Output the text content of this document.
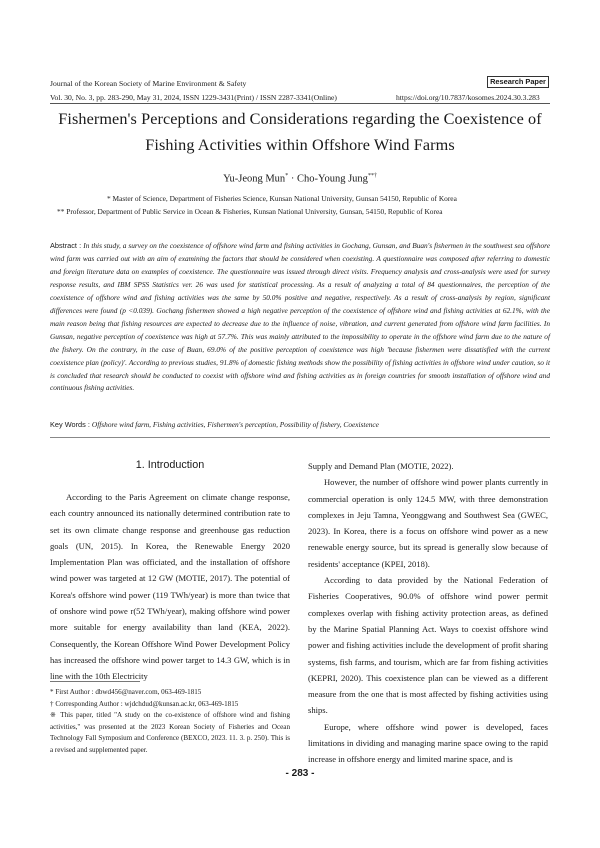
Journal of the Korean Society of Marine Environment & Safety	Research Paper
Vol. 30, No. 3, pp. 283-290, May 31, 2024, ISSN 1229-3431(Print) / ISSN 2287-3341(Online)	https://doi.org/10.7837/kosomes.2024.30.3.283
Fishermen's Perceptions and Considerations regarding the Coexistence of
Fishing Activities within Offshore Wind Farms
Yu-Jeong Mun* · Cho-Young Jung**†
* Master of Science, Department of Fisheries Science, Kunsan National University, Gunsan 54150, Republic of Korea
** Professor, Department of Public Service in Ocean & Fisheries, Kunsan National University, Gunsan, 54150, Republic of Korea
Abstract : In this study, a survey on the coexistence of offshore wind farm and fishing activities in Gochang, Gunsan, and Buan's fishermen in the southwest sea offshore wind farm was carried out with an aim of examining the factors that should be considered when coexisting. A questionnaire was composed after referring to domestic and foreign literature data on examples of coexistence. The questionnaire was issued through direct visits. Frequency analysis and cross-analysis were used for survey response results, and IBM SPSS Statistics ver. 26 was used for statistical processing. As a result of analyzing a total of 84 questionnaires, the perception of the coexistence of offshore wind and fishing activities was the same by 50.0% positive and negative, respectively. As a result of cross-analysis by region, significant differences were found (p <0.039). Gochang fishermen showed a high negative perception of the coexistence of offshore wind and fishing activities at 62.1%, with the main reason being that fishing resources are expected to decrease due to the influence of noise, vibration, and current generated from offshore wind farm facilities. In Gunsan, negative perception of coexistence was high at 57.7%. This was mainly attributed to the impossibility to operate in the offshore wind farm due to the nature of the fishery. On the contrary, in the case of Buan, 69.0% of the positive perception of coexistence was high 'because fishermen were dissatisfied with the current coexistence plan (policy)'. According to previous studies, 91.8% of domestic fishing methods show the possibility of fishing activities in offshore wind under caution, so it is concluded that research should be conducted to coexist with offshore wind and fishing activities as in foreign countries for smooth installation of offshore wind and continuous fishing activities.
Key Words : Offshore wind farm, Fishing activities, Fishermen's perception, Possibility of fishery, Coexistence
1. Introduction

According to the Paris Agreement on climate change response, each country announced its nationally determined contribution rate to set its own climate change response and greenhouse gas reduction goals (UN, 2015). In Korea, the Renewable Energy 2020 Implementation Plan was officiated, and the installation of offshore wind power was targeted at 12 GW (MOTIE, 2017). The potential of Korea's offshore wind power (119 TWh/year) is more than twice that of onshore wind powe r(52 TWh/year), making offshore wind power more suitable for energy availability than land (KEA, 2022). Consequently, the Korean Offshore Wind Power Development Policy has increased the offshore wind power target to 14.3 GW, which is in line with the 10th Electricity

Supply and Demand Plan (MOTIE, 2022).

However, the number of offshore wind power plants currently in commercial operation is only 124.5 MW, with three demonstration complexes in Jeju Tamna, Yeonggwang and Southwest Sea (GWEC, 2023). In Korea, there is a focus on offshore wind power as a new renewable energy source, but its spread is generally slow because of residents' acceptance (KPEI, 2018).

According to data provided by the National Federation of Fisheries Cooperatives, 90.0% of offshore wind power permit complexes overlap with fishing activity protection areas, as defined by the Marine Spatial Planning Act. Ways to coexist offshore wind power and fishing activities include the development of profit sharing systems, fish farms, and tourism, which are far from fishing activities (KEPRI, 2020). This coexistence plan can be viewed as a different measure from the one that is most affected by fishing activities using ships.

Europe, where offshore wind power is developed, faces limitations in dividing and managing marine space owing to the rapid increase in offshore energy and limited marine space, and is

* First Author : dbwd456@naver.com, 063-469-1815
† Corresponding Author : wjdchdud@kunsan.ac.kr, 063-469-1815
※ This paper, titled "A study on the co-existence of offshore wind and fishing activities," was presented at the 2023 Korean Society of Fisheries and Ocean Technology Fall Symposium and Conference (BEXCO, 2023. 11. 3. p. 250). This is a revised and supplemented paper.
- 283 -
